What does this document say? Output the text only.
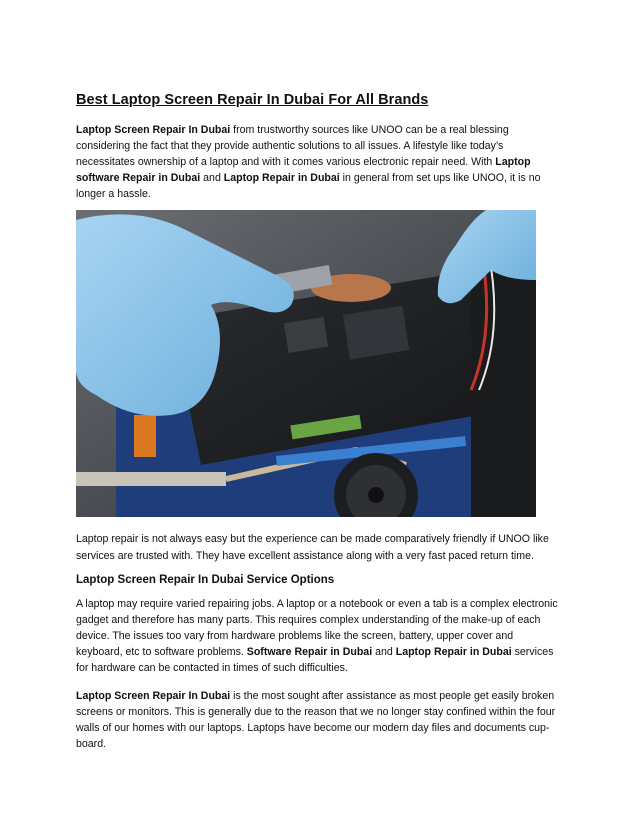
Best Laptop Screen Repair In Dubai For All Brands

Laptop Screen Repair In Dubai from trustworthy sources like UNOO can be a real blessing considering the fact that they provide authentic solutions to all issues. A lifestyle like today’s necessitates ownership of a laptop and with it comes various electronic repair need. With Laptop software Repair in Dubai and Laptop Repair in Dubai in general from set ups like UNOO, it is no longer a hassle.

Laptop repair is not always easy but the experience can be made comparatively friendly if UNOO like services are trusted with. They have excellent assistance along with a very fast paced return time.

Laptop Screen Repair In Dubai Service Options

A laptop may require varied repairing jobs. A laptop or a notebook or even a tab is a complex electronic gadget and therefore has many parts. This requires complex understanding of the make-up of each device. The issues too vary from hardware problems like the screen, battery, upper cover and keyboard, etc to software problems. Software Repair in Dubai and Laptop Repair in Dubai services for hardware can be contacted in times of such difficulties.

Laptop Screen Repair In Dubai is the most sought after assistance as most people get easily broken screens or monitors. This is generally due to the reason that we no longer stay confined within the four walls of our homes with our laptops. Laptops have become our modern day files and documents cup-board.
